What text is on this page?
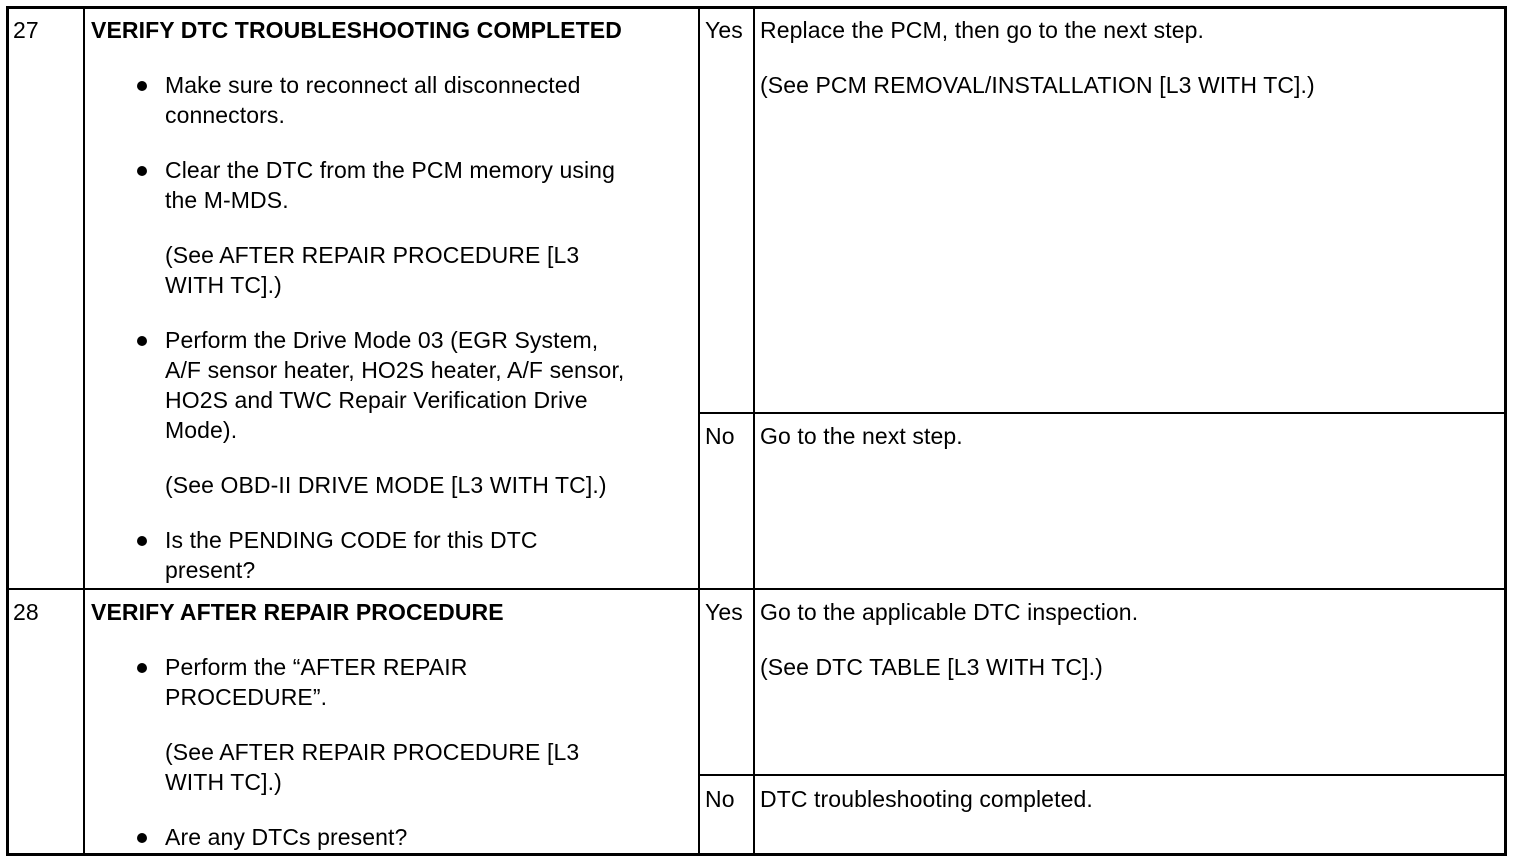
27 VERIFY DTC TROUBLESHOOTING COMPLETED

Make sure to reconnect all disconnected

connectors.

Clear the DTC from the PCM memory using

the M-MDS.

(See AFTER REPAIR PROCEDURE [L3

WITH TC].)

Perform the Drive Mode 03 (EGR System,

A/F sensor heater, HO2S heater, A/F sensor,

HO2S and TWC Repair Verification Drive

Mode).

(See OBD-II DRIVE MODE [L3 WITH TC].)

Is the PENDING CODE for this DTC

present?

Yes Replace the PCM, then go to the next step.
(See PCM REMOVAL/INSTALLATION [L3 WITH TC].)
No Go to the next step.
28 VERIFY AFTER REPAIR PROCEDURE

Perform the “AFTER REPAIR

PROCEDURE”.

(See AFTER REPAIR PROCEDURE [L3

WITH TC].)

Are any DTCs present?

Yes Go to the applicable DTC inspection.
(See DTC TABLE [L3 WITH TC].)
No DTC troubleshooting completed.
